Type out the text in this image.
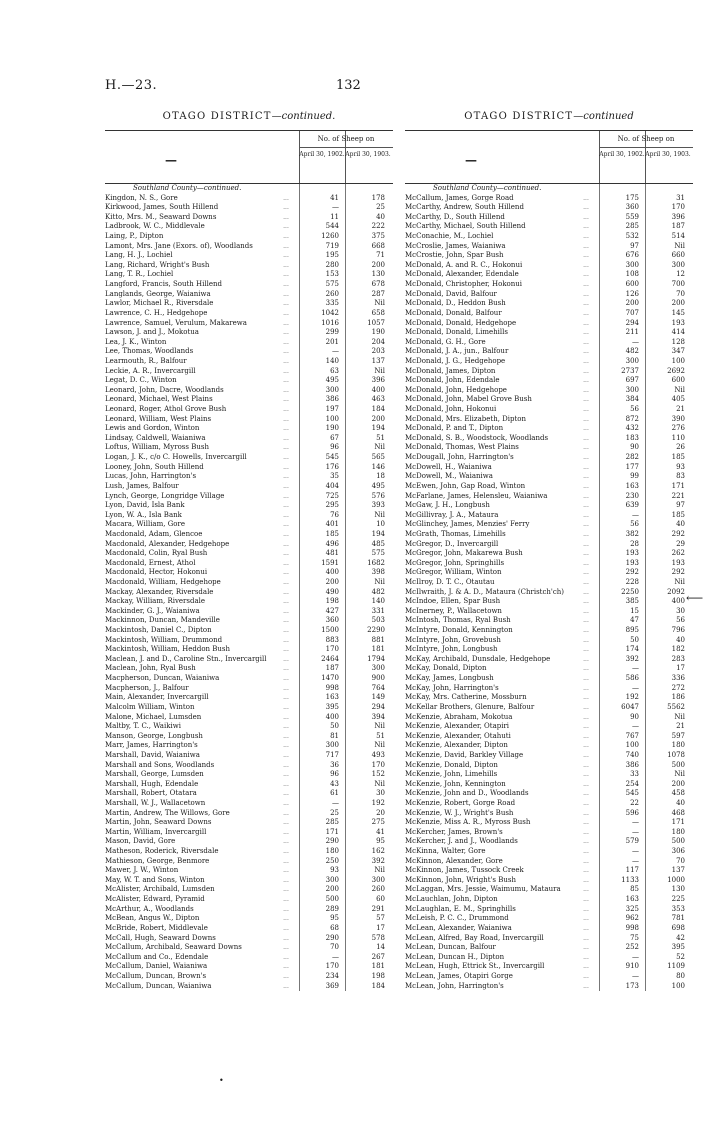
H.—23.	132
OTAGO DISTRICT—continued.
—
No. of Sheep on
April 30, 1902. April 30, 1903.
Southland County—continued.
Kingdon, N. S., Gore	...	41	178
Kirkwood, James, South Hillend	...	—	25
Kitto, Mrs. M., Seaward Downs	...	11	40
Ladbrook, W. C., Middlevale	...	544	222
Laing, P., Dipton	...	1260	375
Lamont, Mrs. Jane (Exors. of), Woodlands	...	719	668
Lang, H. J., Lochiel	...	195	71
Lang, Richard, Wright's Bush	...	280	200
Lang, T. R., Lochiel	...	153	130
Langford, Francis, South Hillend	...	575	678
Langlands, George, Waianiwa	...	260	287
Lawlor, Michael R., Riversdale	...	335	Nil
Lawrence, C. H., Hedgehope	...	1042	658
Lawrence, Samuel, Verulum, Makarewa	...	1016	1057
Lawson, J. and J., Mokotua	...	299	190
Lea, J. K., Winton	...	201	204
Lee, Thomas, Woodlands	...	—	203
Learmouth, R., Balfour	...	140	137
Leckie, A. R., Invercargill	...	63	Nil
Legat, D. C., Winton	...	495	396
Leonard, John, Dacre, Woodlands	...	300	400
Leonard, Michael, West Plains	...	386	463
Leonard, Roger, Athol Grove Bush	...	197	184
Leonard, William, West Plains	...	100	200
Lewis and Gordon, Winton	...	190	194
Lindsay, Caldwell, Waianiwa	...	67	51
Loftus, William, Myross Bush	...	96	Nil
Logan, J. K., c/o C. Howells, Invercargill	...	545	565
Looney, John, South Hillend	...	176	146
Lucas, John, Harrington's	...	35	18
Lush, James, Balfour	...	404	495
Lynch, George, Longridge Village	...	725	576
Lyon, David, Isla Bank	...	295	393
Lyon, W. A., Isla Bank	...	76	Nil
Macara, William, Gore	...	401	10
Macdonald, Adam, Glencoe	...	185	194
Macdonald, Alexander, Hedgehope	...	496	485
Macdonald, Colin, Ryal Bush	...	481	575
Macdonald, Ernest, Athol	...	1591	1682
Macdonald, Hector, Hokonui	...	400	398
Macdonald, William, Hedgehope	...	200	Nil
Mackay, Alexander, Riversdale	...	490	482
Mackay, William, Riversdale	...	198	140
Mackinder, G. J., Waianiwa	...	427	331
Mackinnon, Duncan, Mandeville	...	360	503
Mackintosh, Daniel C., Dipton	...	1500	2290
Mackintosh, William, Drummond	...	883	881
Mackintosh, William, Heddon Bush	...	170	181
Maclean, J. and D., Caroline Stn., Invercargill	...	2464	1794
Maclean, John, Ryal Bush	...	187	300
Macpherson, Duncan, Waianiwa	...	1470	900
Macpherson, J., Balfour	...	998	764
Main, Alexander, Invercargill	...	163	149
Malcolm William, Winton	...	395	294
Malone, Michael, Lumsden	...	400	394
Maltby, T. C., Waikiwi	...	50	Nil
Manson, George, Longbush	...	81	51
Marr, James, Harrington's	...	300	Nil
Marshall, David, Waianiwa	...	717	493
Marshall and Sons, Woodlands	...	36	170
Marshall, George, Lumsden	...	96	152
Marshall, Hugh, Edendale	...	43	Nil
Marshall, Robert, Otatara	...	61	30
Marshall, W. J., Wallacetown	...	—	192
Martin, Andrew, The Willows, Gore	...	25	20
Martin, John, Seaward Downs	...	285	275
Martin, William, Invercargill	...	171	41
Mason, David, Gore	...	290	95
Matheson, Roderick, Riversdale	...	180	162
Mathieson, George, Benmore	...	250	392
Mawer, J. W., Winton	...	93	Nil
May, W. T. and Sons, Winton	...	300	300
McAlister, Archibald, Lumsden	...	200	260
McAlister, Edward, Pyramid	...	500	60
McArthur, A., Woodlands	...	289	291
McBean, Angus W., Dipton	...	95	57
McBride, Robert, Middlevale	...	68	17
McCall, Hugh, Seaward Downs	...	290	578
McCallum, Archibald, Seaward Downs	...	70	14
McCallum and Co., Edendale	...	—	267
McCallum, Daniel, Waianiwa	...	170	181
McCallum, Duncan, Brown's	...	234	198
McCallum, Duncan, Waianiwa	...	369	184
OTAGO DISTRICT—continued
—
No. of Sheep on
April 30, 1902. April 30, 1903.
Southland County—continued.
McCallum, James, Gorge Road	...	175	31
McCarthy, Andrew, South Hillend	...	360	170
McCarthy, D., South Hillend	...	559	396
McCarthy, Michael, South Hillend	...	285	187
McConachie, M., Lochiel	...	532	514
McCroslie, James, Waianiwa	...	97	Nil
McCrostie, John, Spar Bush	...	676	660
McDonald, A. and R. C., Hokonui	...	300	300
McDonald, Alexander, Edendale	...	108	12
McDonald, Christopher, Hokonui	...	600	700
McDonald, David, Balfour	...	126	70
McDonald, D., Heddon Bush	...	200	200
McDonald, Donald, Balfour	...	707	145
McDonald, Donald, Hedgehope	...	294	193
McDonald, Donald, Limehills	...	211	414
McDonald, G. H., Gore	...	—	128
McDonald, J. A., jun., Balfour	...	482	347
McDonald, J. G., Hedgehope	...	300	100
McDonald, James, Dipton	...	2737	2692
McDonald, John, Edendale	...	697	600
McDonald, John, Hedgehope	...	300	Nil
McDonald, John, Mabel Grove Bush	...	384	405
McDonald, John, Hokonui	...	56	21
McDonald, Mrs. Elizabeth, Dipton	...	872	390
McDonald, P. and T., Dipton	...	432	276
McDonald, S. B., Woodstock, Woodlands	...	183	110
McDonald, Thomas, West Plains	...	90	26
McDougall, John, Harrington's	...	282	185
McDowell, H., Waianiwa	...	177	93
McDowell, M., Waianiwa	...	99	83
McEwen, John, Gap Road, Winton	...	163	171
McFarlane, James, Helensleu, Waianiwa	...	230	221
McGaw, J. H., Longbush	...	639	97
McGillivray, J. A., Mataura	...	—	185
McGlinchey, James, Menzies' Ferry	...	56	40
McGrath, Thomas, Limehills	...	382	292
McGregor, D., Invercargill	...	28	29
McGregor, John, Makarewa Bush	...	193	262
McGregor, John, Springhills	...	193	193
McGregor, William, Winton	...	292	292
McIlroy, D. T. C., Otautau	...	228	Nil
McIlwraith, J. & A. D., Mataura (Christch'ch)	...	2250	2092
McIndoe, Ellen, Spar Bush	...	385	400
McInerney, P., Wallacetown	...	15	30
McIntosh, Thomas, Ryal Bush	...	47	56
McIntyre, Donald, Kennington	...	895	796
McIntyre, John, Grovebush	...	50	40
McIntyre, John, Longbush	...	174	182
McKay, Archibald, Dunsdale, Hedgehope	...	392	283
McKay, Donald, Dipton	...	—	17
McKay, James, Longbush	...	586	336
McKay, John, Harrington's	...	—	272
McKay, Mrs. Catherine, Mossburn	...	192	186
McKellar Brothers, Glenure, Balfour	...	6047	5562
McKenzie, Abraham, Mokotua	...	90	Nil
McKenzie, Alexander, Otapiri	...	—	21
McKenzie, Alexander, Otahuti	...	767	597
McKenzie, Alexander, Dipton	...	100	180
McKenzie, David, Barkley Village	...	740	1078
McKenzie, Donald, Dipton	...	386	500
McKenzie, John, Limehills	...	33	Nil
McKenzie, John, Kennington	...	254	200
McKenzie, John and D., Woodlands	...	545	458
McKenzie, Robert, Gorge Road	...	22	40
McKenzie, W. J., Wright's Bush	...	596	468
McKenzie, Miss A. R., Myross Bush	...	—	171
McKercher, James, Brown's	...	—	180
McKercher, J. and J., Woodlands	...	579	500
McKinna, Walter, Gore	...	—	306
McKinnon, Alexander, Gore	...	—	70
McKinnon, James, Tussock Creek	...	117	137
McKinnon, John, Wright's Bush	...	1133	1000
McLaggan, Mrs. Jessie, Waimumu, Mataura	...	85	130
McLauchlan, John, Dipton	...	163	225
McLaughlan, E. M., Springhills	...	325	353
McLeish, P. C. C., Drummond	...	962	781
McLean, Alexander, Waianiwa	...	998	698
McLean, Alfred, Bay Road, Invercargill	...	75	42
McLean, Duncan, Balfour	...	252	395
McLean, Duncan H., Dipton	...	—	52
McLean, Hugh, Ettrick St., Invercargill	...	910	1109
McLean, James, Otapiri Gorge	...	—	80
McLean, John, Harrington's	...	173	100
•
⟵
